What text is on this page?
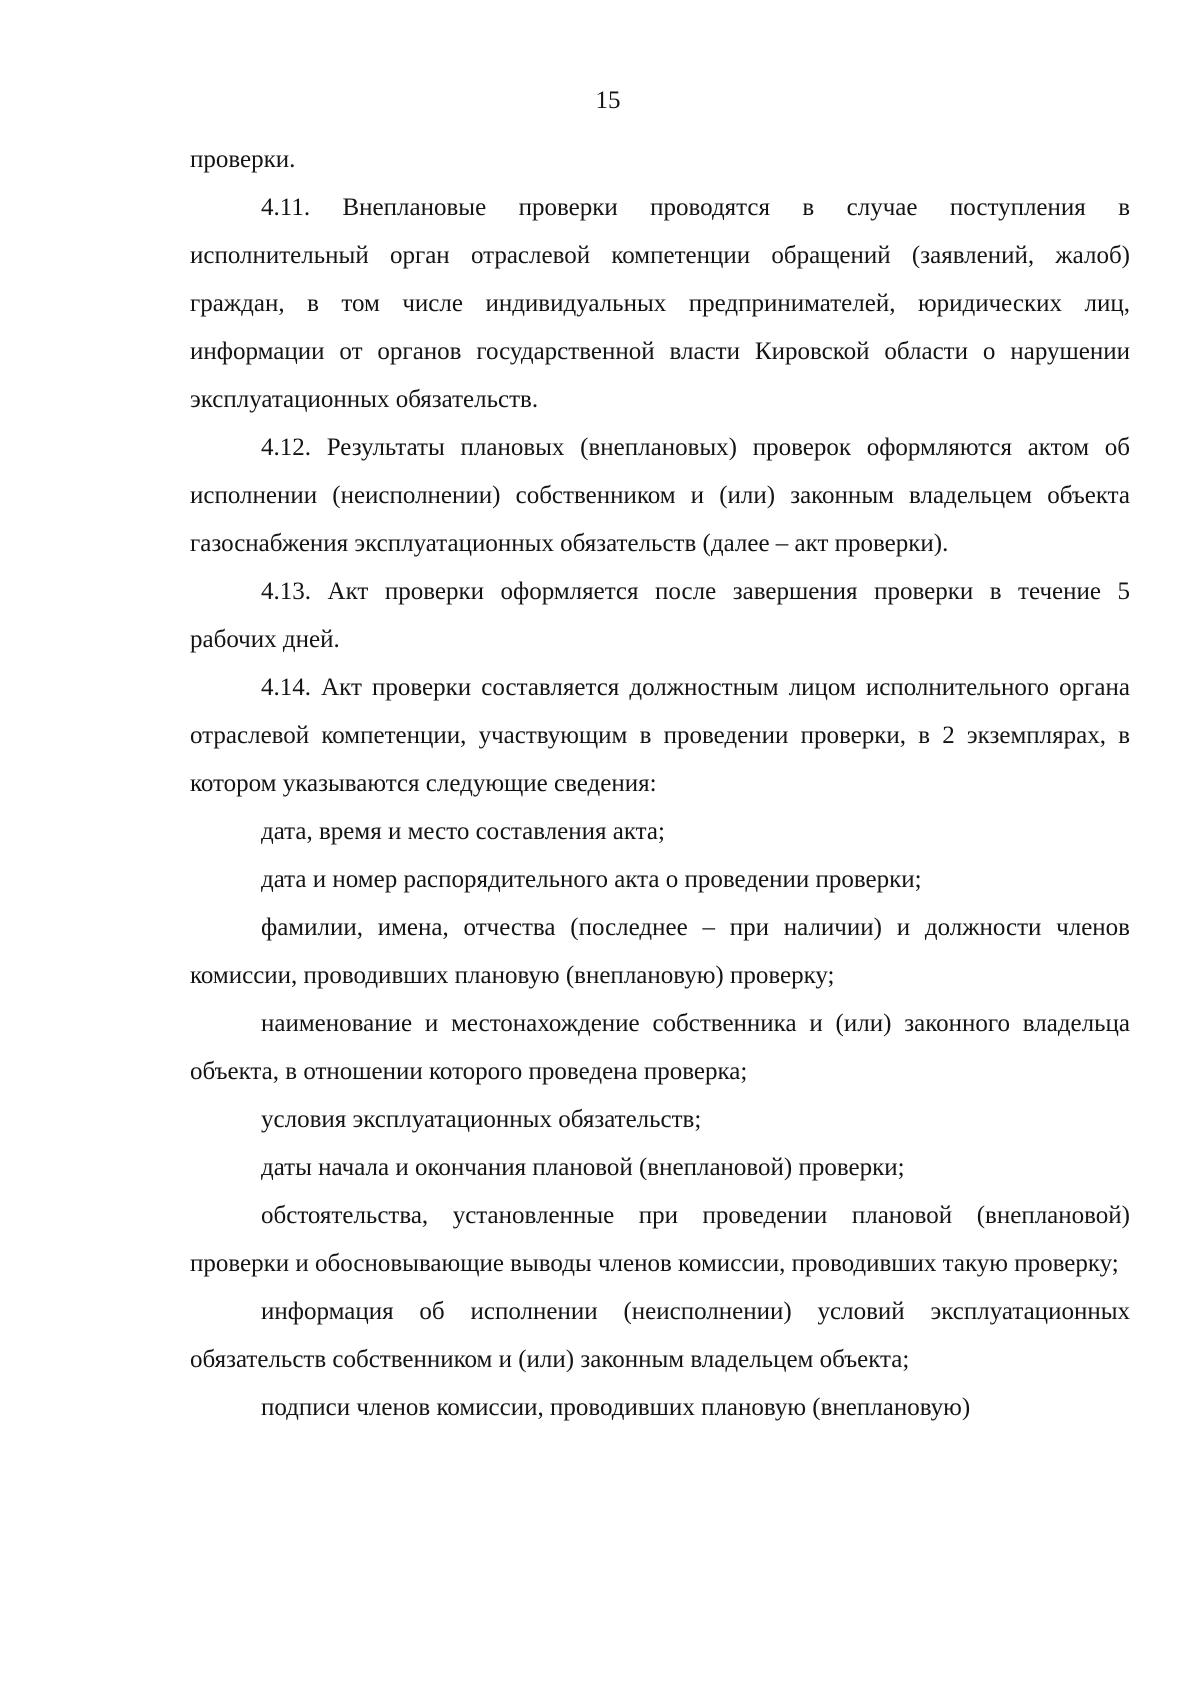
15

проверки.

4.11. Внеплановые проверки проводятся в случае поступления в исполнительный орган отраслевой компетенции обращений (заявлений, жалоб) граждан, в том числе индивидуальных предпринимателей, юридических лиц, информации от органов государственной власти Кировской области о нарушении эксплуатационных обязательств.

4.12. Результаты плановых (внеплановых) проверок оформляются актом об исполнении (неисполнении) собственником и (или) законным владельцем объекта газоснабжения эксплуатационных обязательств (далее – акт проверки).

4.13. Акт проверки оформляется после завершения проверки в течение 5 рабочих дней.

4.14. Акт проверки составляется должностным лицом исполнительного органа отраслевой компетенции, участвующим в проведении проверки, в 2 экземплярах, в котором указываются следующие сведения:

дата, время и место составления акта;

дата и номер распорядительного акта о проведении проверки;

фамилии, имена, отчества (последнее – при наличии) и должности членов комиссии, проводивших плановую (внеплановую) проверку;

наименование и местонахождение собственника и (или) законного владельца объекта, в отношении которого проведена проверка;

условия эксплуатационных обязательств;

даты начала и окончания плановой (внеплановой) проверки;

обстоятельства, установленные при проведении плановой (внеплановой) проверки и обосновывающие выводы членов комиссии, проводивших такую проверку;

информация об исполнении (неисполнении) условий эксплуатационных обязательств собственником и (или) законным владельцем объекта;

подписи членов комиссии, проводивших плановую (внеплановую)
